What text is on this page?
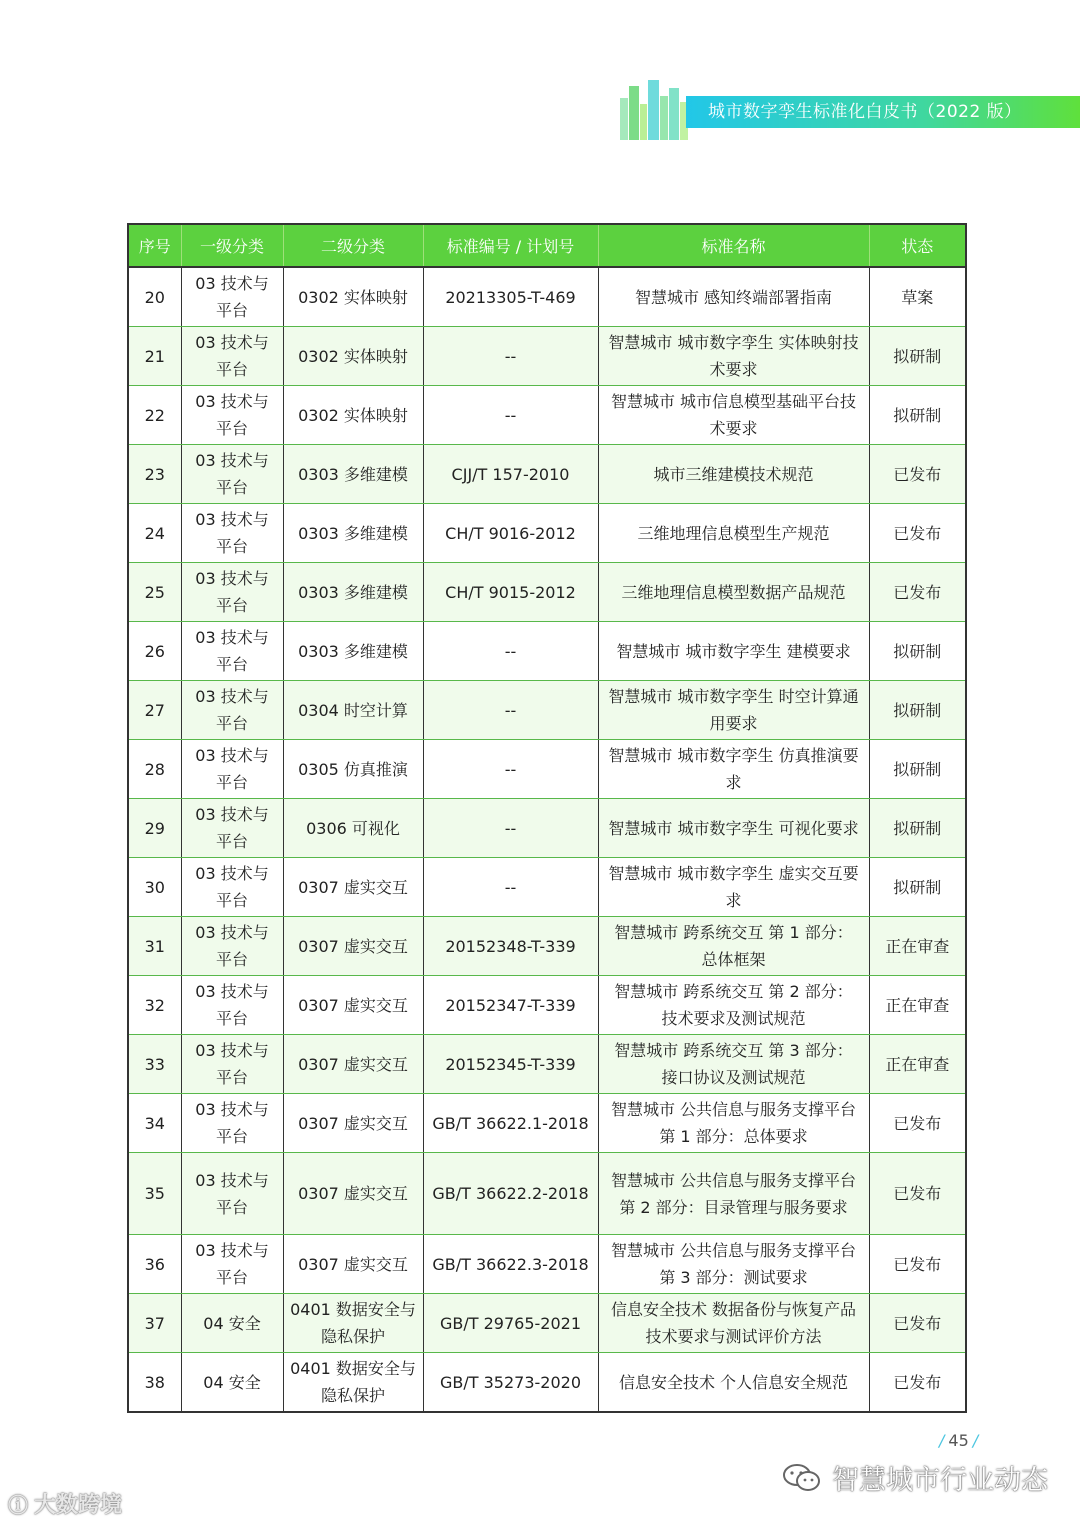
城市数字孪生标准化白皮书（2022 版）
序号	一级分类	二级分类	标准编号 / 计划号	标准名称	状态
20	03 技术与平台	0302 实体映射	20213305-T-469	智慧城市 感知终端部署指南	草案
21	03 技术与平台	0302 实体映射	--	智慧城市 城市数字孪生 实体映射技术要求	拟研制
22	03 技术与平台	0302 实体映射	--	智慧城市 城市信息模型基础平台技术要求	拟研制
23	03 技术与平台	0303 多维建模	CJJ/T 157-2010	城市三维建模技术规范	已发布
24	03 技术与平台	0303 多维建模	CH/T 9016-2012	三维地理信息模型生产规范	已发布
25	03 技术与平台	0303 多维建模	CH/T 9015-2012	三维地理信息模型数据产品规范	已发布
26	03 技术与平台	0303 多维建模	--	智慧城市 城市数字孪生 建模要求	拟研制
27	03 技术与平台	0304 时空计算	--	智慧城市 城市数字孪生 时空计算通用要求	拟研制
28	03 技术与平台	0305 仿真推演	--	智慧城市 城市数字孪生 仿真推演要求	拟研制
29	03 技术与平台	0306 可视化	--	智慧城市 城市数字孪生 可视化要求	拟研制
30	03 技术与平台	0307 虚实交互	--	智慧城市 城市数字孪生 虚实交互要求	拟研制
31	03 技术与平台	0307 虚实交互	20152348-T-339	智慧城市 跨系统交互 第 1 部分：总体框架	正在审查
32	03 技术与平台	0307 虚实交互	20152347-T-339	智慧城市 跨系统交互 第 2 部分：技术要求及测试规范	正在审查
33	03 技术与平台	0307 虚实交互	20152345-T-339	智慧城市 跨系统交互 第 3 部分：接口协议及测试规范	正在审查
34	03 技术与平台	0307 虚实交互	GB/T 36622.1-2018	智慧城市 公共信息与服务支撑平台 第 1 部分：总体要求	已发布
35	03 技术与平台	0307 虚实交互	GB/T 36622.2-2018	智慧城市 公共信息与服务支撑平台 第 2 部分：目录管理与服务要求	已发布
36	03 技术与平台	0307 虚实交互	GB/T 36622.3-2018	智慧城市 公共信息与服务支撑平台 第 3 部分：测试要求	已发布
37	04 安全	0401 数据安全与隐私保护	GB/T 29765-2021	信息安全技术 数据备份与恢复产品技术要求与测试评价方法	已发布
38	04 安全	0401 数据安全与隐私保护	GB/T 35273-2020	信息安全技术 个人信息安全规范	已发布
/ 45 /
ⓘ 大数跨境
智慧城市行业动态
